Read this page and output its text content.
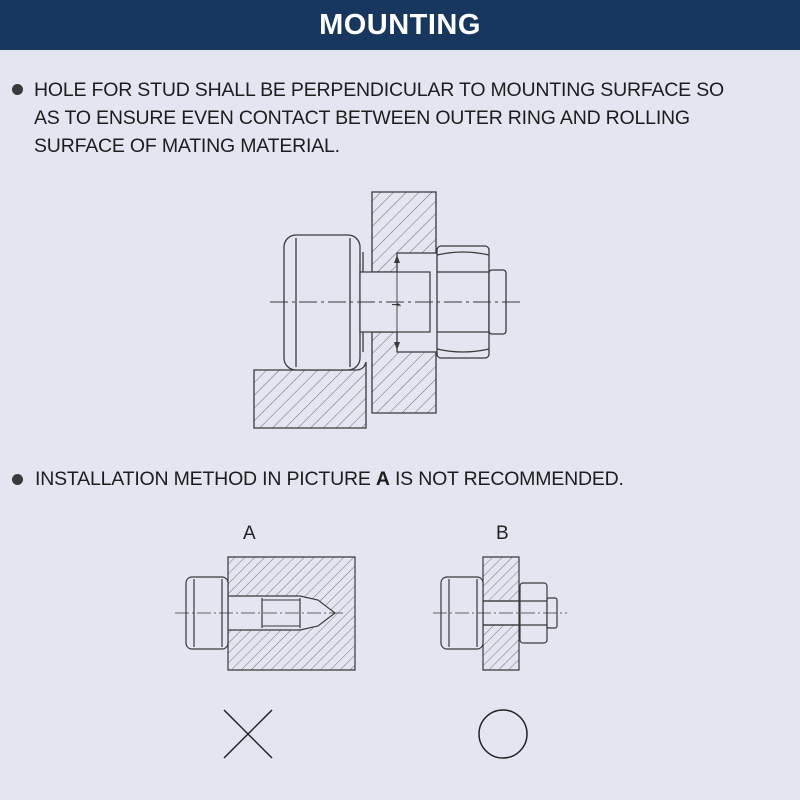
MOUNTING
HOLE FOR STUD SHALL BE PERPENDICULAR TO MOUNTING SURFACE SO
AS TO ENSURE EVEN CONTACT BETWEEN OUTER RING AND ROLLING
SURFACE OF MATING MATERIAL.
INSTALLATION METHOD IN PICTURE A IS NOT RECOMMENDED.
f
A	B
